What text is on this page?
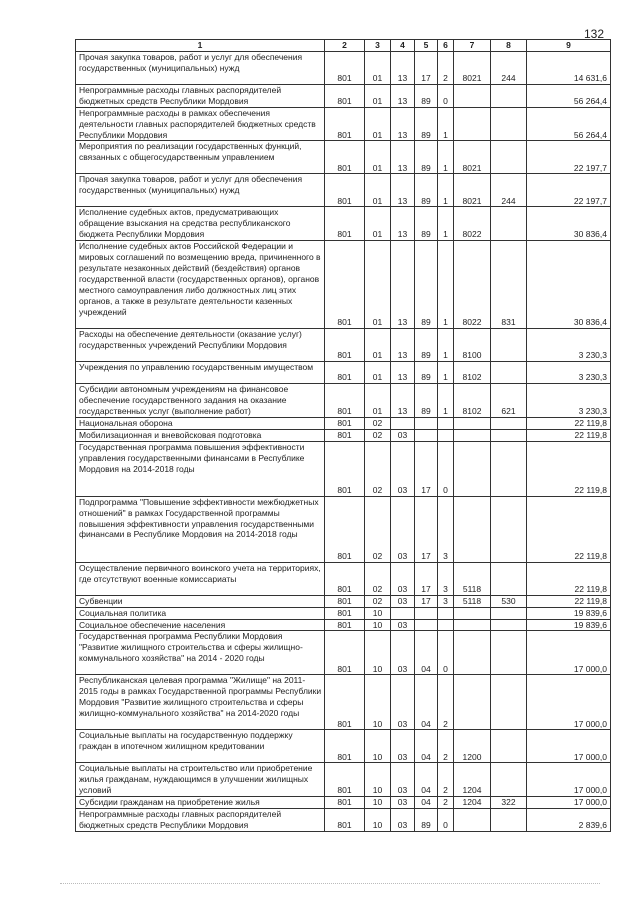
132
1	2	3	4	5	6	7	8	9
Прочая закупка товаров, работ и услуг для обеспечения государственных (муниципальных) нужд	801	01	13	17	2	8021	244	14 631,6
Непрограммные расходы главных распорядителей бюджетных средств Республики Мордовия	801	01	13	89	0			56 264,4
Непрограммные расходы в рамках обеспечения деятельности главных распорядителей бюджетных средств Республики Мордовия	801	01	13	89	1			56 264,4
Мероприятия по реализации государственных функций, связанных с общегосударственным управлением	801	01	13	89	1	8021		22 197,7
Прочая закупка товаров, работ и услуг для обеспечения государственных (муниципальных) нужд	801	01	13	89	1	8021	244	22 197,7
Исполнение судебных актов, предусматривающих обращение взыскания на средства республиканского бюджета Республики Мордовия	801	01	13	89	1	8022		30 836,4
Исполнение судебных актов Российской Федерации и мировых соглашений по возмещению вреда, причиненного в результате незаконных действий (бездействия) органов государственной власти (государственных органов), органов местного самоуправления либо должностных лиц этих органов, а также в результате деятельности казенных учреждений	801	01	13	89	1	8022	831	30 836,4
Расходы на обеспечение деятельности (оказание услуг) государственных учреждений Республики Мордовия	801	01	13	89	1	8100		3 230,3
Учреждения по управлению государственным имуществом	801	01	13	89	1	8102		3 230,3
Субсидии автономным учреждениям на финансовое обеспечение государственного задания на оказание государственных услуг (выполнение работ)	801	01	13	89	1	8102	621	3 230,3
Национальная оборона	801	02						22 119,8
Мобилизационная и вневойсковая подготовка	801	02	03					22 119,8
Государственная программа повышения эффективности управления государственными финансами в Республике Мордовия на 2014-2018 годы	801	02	03	17	0			22 119,8
Подпрограмма "Повышение эффективности межбюджетных отношений" в рамках Государственной программы повышения эффективности управления государственными финансами в Республике Мордовия на 2014-2018 годы	801	02	03	17	3			22 119,8
Осуществление первичного воинского учета на территориях, где отсутствуют военные комиссариаты	801	02	03	17	3	5118		22 119,8
Субвенции	801	02	03	17	3	5118	530	22 119,8
Социальная политика	801	10						19 839,6
Социальное обеспечение населения	801	10	03					19 839,6
Государственная программа Республики Мордовия "Развитие жилищного строительства и сферы жилищно-коммунального хозяйства" на 2014 - 2020 годы	801	10	03	04	0			17 000,0
Республиканская целевая программа "Жилище" на 2011-2015 годы в рамках Государственной программы Республики Мордовия "Развитие жилищного строительства и сферы жилищно-коммунального хозяйства" на 2014-2020 годы	801	10	03	04	2			17 000,0
Социальные выплаты на государственную поддержку граждан в ипотечном жилищном кредитовании	801	10	03	04	2	1200		17 000,0
Социальные выплаты на строительство или приобретение жилья гражданам, нуждающимся в улучшении жилищных условий	801	10	03	04	2	1204		17 000,0
Субсидии гражданам на приобретение жилья	801	10	03	04	2	1204	322	17 000,0
Непрограммные расходы главных распорядителей бюджетных средств Республики Мордовия	801	10	03	89	0			2 839,6
